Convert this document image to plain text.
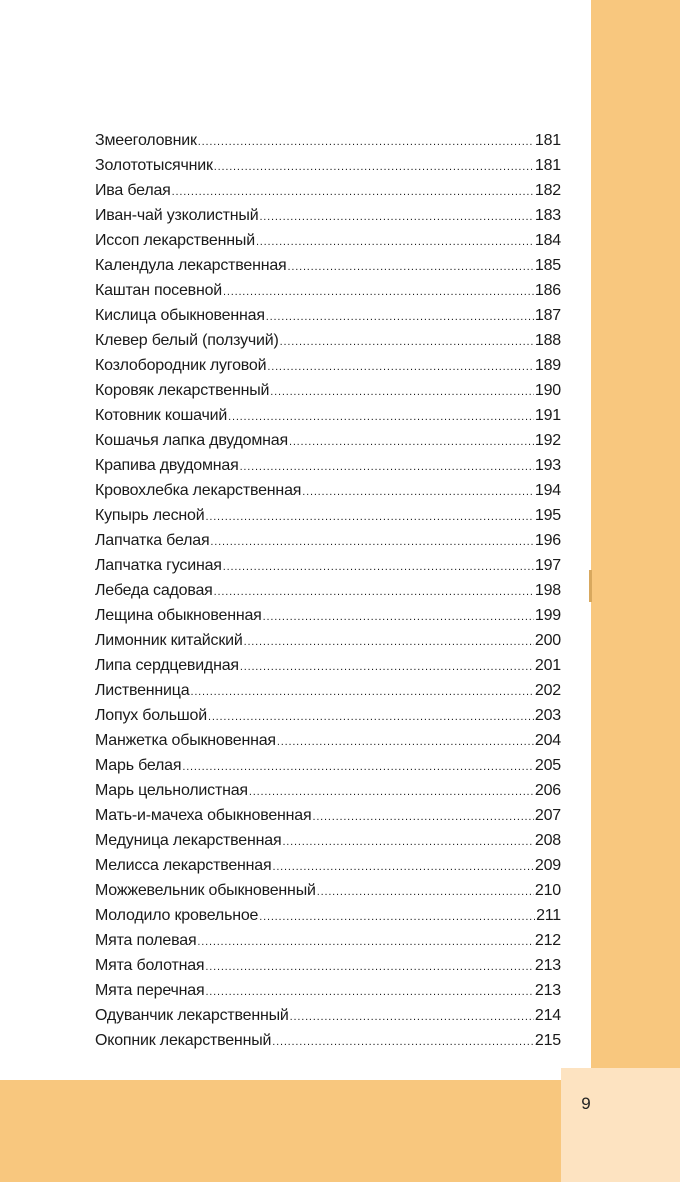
9
Змееголовник .....	181
Золототысячник .....	181
Ива белая .....	182
Иван-чай узколистный .....	183
Иссоп лекарственный .....	184
Календула лекарственная .....	185
Каштан посевной .....	186
Кислица обыкновенная .....	187
Клевер белый (ползучий) .....	188
Козлобородник луговой .....	189
Коровяк лекарственный .....	190
Котовник кошачий .....	191
Кошачья лапка двудомная .....	192
Крапива двудомная .....	193
Кровохлебка лекарственная .....	194
Купырь лесной .....	195
Лапчатка белая .....	196
Лапчатка гусиная .....	197
Лебеда садовая .....	198
Лещина обыкновенная .....	199
Лимонник китайский .....	200
Липа сердцевидная .....	201
Лиственница .....	202
Лопух большой .....	203
Манжетка обыкновенная .....	204
Марь белая .....	205
Марь цельнолистная .....	206
Мать-и-мачеха обыкновенная .....	207
Медуница лекарственная .....	208
Мелисса лекарственная .....	209
Можжевельник обыкновенный .....	210
Молодило кровельное .....	211
Мята полевая .....	212
Мята болотная .....	213
Мята перечная .....	213
Одуванчик лекарственный .....	214
Окопник лекарственный .....	215
